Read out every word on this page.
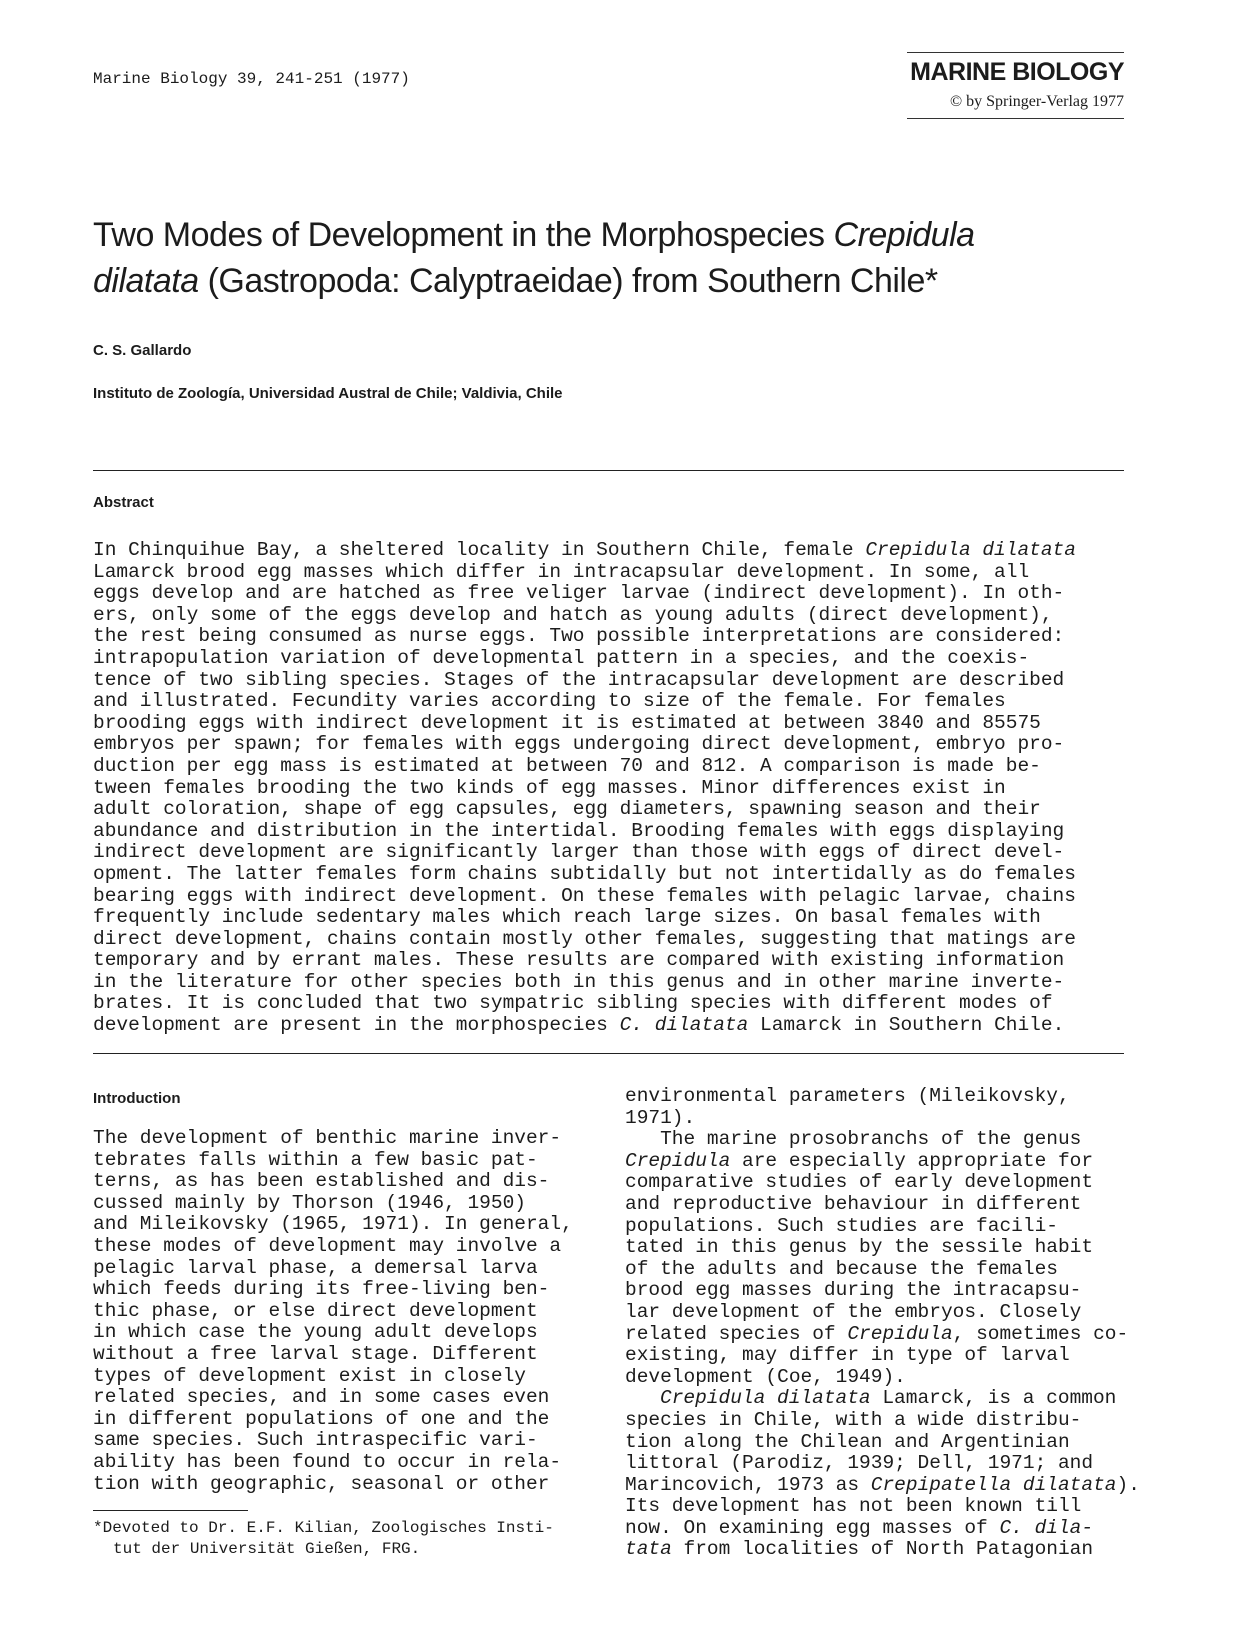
Marine Biology 39, 241-251 (1977)	MARINE BIOLOGY
© by Springer-Verlag 1977
Two Modes of Development in the Morphospecies Crepidula
dilatata (Gastropoda: Calyptraeidae) from Southern Chile*
C. S. Gallardo
Instituto de Zoología, Universidad Austral de Chile; Valdivia, Chile
Abstract
In Chinquihue Bay, a sheltered locality in Southern Chile, female Crepidula dilatata
Lamarck brood egg masses which differ in intracapsular development. In some, all
eggs develop and are hatched as free veliger larvae (indirect development). In oth-
ers, only some of the eggs develop and hatch as young adults (direct development),
the rest being consumed as nurse eggs. Two possible interpretations are considered:
intrapopulation variation of developmental pattern in a species, and the coexis-
tence of two sibling species. Stages of the intracapsular development are described
and illustrated. Fecundity varies according to size of the female. For females
brooding eggs with indirect development it is estimated at between 3840 and 85575
embryos per spawn; for females with eggs undergoing direct development, embryo pro-
duction per egg mass is estimated at between 70 and 812. A comparison is made be-
tween females brooding the two kinds of egg masses. Minor differences exist in
adult coloration, shape of egg capsules, egg diameters, spawning season and their
abundance and distribution in the intertidal. Brooding females with eggs displaying
indirect development are significantly larger than those with eggs of direct devel-
opment. The latter females form chains subtidally but not intertidally as do females
bearing eggs with indirect development. On these females with pelagic larvae, chains
frequently include sedentary males which reach large sizes. On basal females with
direct development, chains contain mostly other females, suggesting that matings are
temporary and by errant males. These results are compared with existing information
in the literature for other species both in this genus and in other marine inverte-
brates. It is concluded that two sympatric sibling species with different modes of
development are present in the morphospecies C. dilatata Lamarck in Southern Chile.
Introduction
The development of benthic marine inver-
tebrates falls within a few basic pat-
terns, as has been established and dis-
cussed mainly by Thorson (1946, 1950)
and Mileikovsky (1965, 1971). In general,
these modes of development may involve a
pelagic larval phase, a demersal larva
which feeds during its free-living ben-
thic phase, or else direct development
in which case the young adult develops
without a free larval stage. Different
types of development exist in closely
related species, and in some cases even
in different populations of one and the
same species. Such intraspecific vari-
ability has been found to occur in rela-
tion with geographic, seasonal or other
environmental parameters (Mileikovsky,
1971).
The marine prosobranchs of the genus
Crepidula are especially appropriate for
comparative studies of early development
and reproductive behaviour in different
populations. Such studies are facili-
tated in this genus by the sessile habit
of the adults and because the females
brood egg masses during the intracapsu-
lar development of the embryos. Closely
related species of Crepidula, sometimes co-
existing, may differ in type of larval
development (Coe, 1949).
Crepidula dilatata Lamarck, is a common
species in Chile, with a wide distribu-
tion along the Chilean and Argentinian
littoral (Parodiz, 1939; Dell, 1971; and
Marincovich, 1973 as Crepipatella dilatata).
Its development has not been known till
now. On examining egg masses of C. dila-
tata from localities of North Patagonian
*Devoted to Dr. E.F. Kilian, Zoologisches Insti-
tut der Universität Gießen, FRG.
